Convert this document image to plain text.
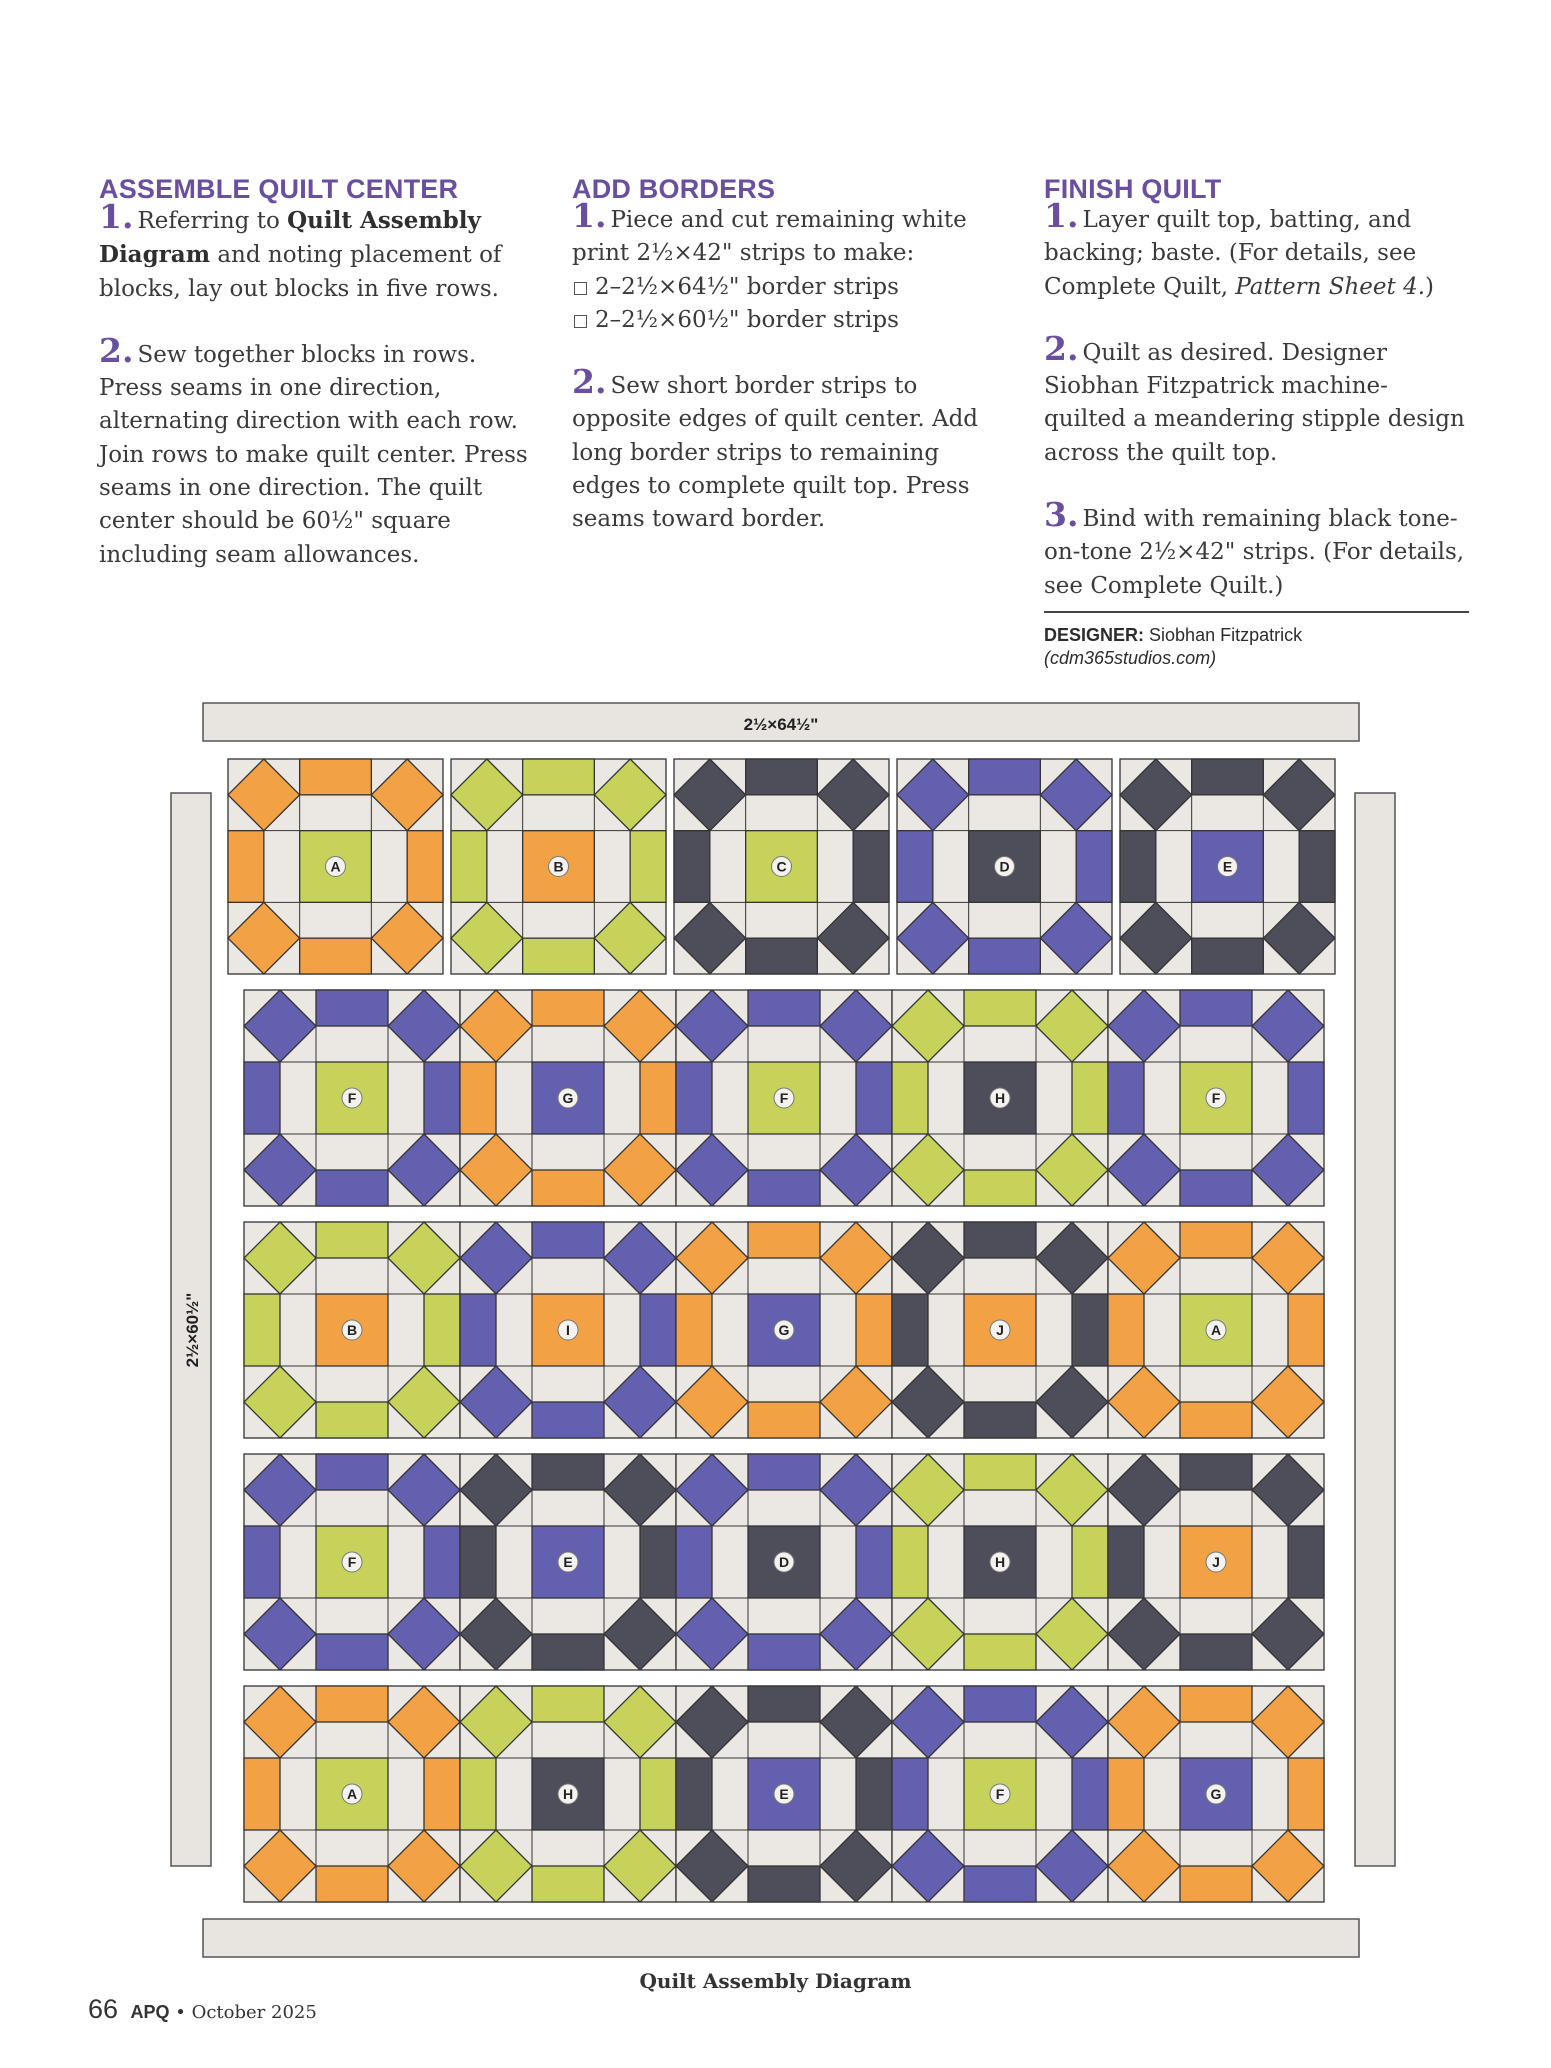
ASSEMBLE QUILT CENTER

1. Referring to Quilt Assembly Diagram and noting placement of blocks, lay out blocks in five rows.

2. Sew together blocks in rows. Press seams in one direction, alternating direction with each row. Join rows to make quilt center. Press seams in one direction. The quilt center should be 60½" square including seam allowances.

ADD BORDERS

1. Piece and cut remaining white print 2½×42" strips to make:
2–2½×64½" border strips
2–2½×60½" border strips

2. Sew short border strips to opposite edges of quilt center. Add long border strips to remaining edges to complete quilt top. Press seams toward border.

FINISH QUILT

1. Layer quilt top, batting, and backing; baste. (For details, see Complete Quilt, Pattern Sheet 4.)

2. Quilt as desired. Designer Siobhan Fitzpatrick machine-quilted a meandering stipple design across the quilt top.

3. Bind with remaining black tone-on-tone 2½×42" strips. (For details, see Complete Quilt.)

DESIGNER: Siobhan Fitzpatrick
(cdm365studios.com)
2½×64½"
2½×60½"
A	B	C	D	E
F	G	F	H	F
B	I	G	J	A
F	E	D	H	J
A	H	E	F	G
Quilt Assembly Diagram
66 APQ • October 2025
